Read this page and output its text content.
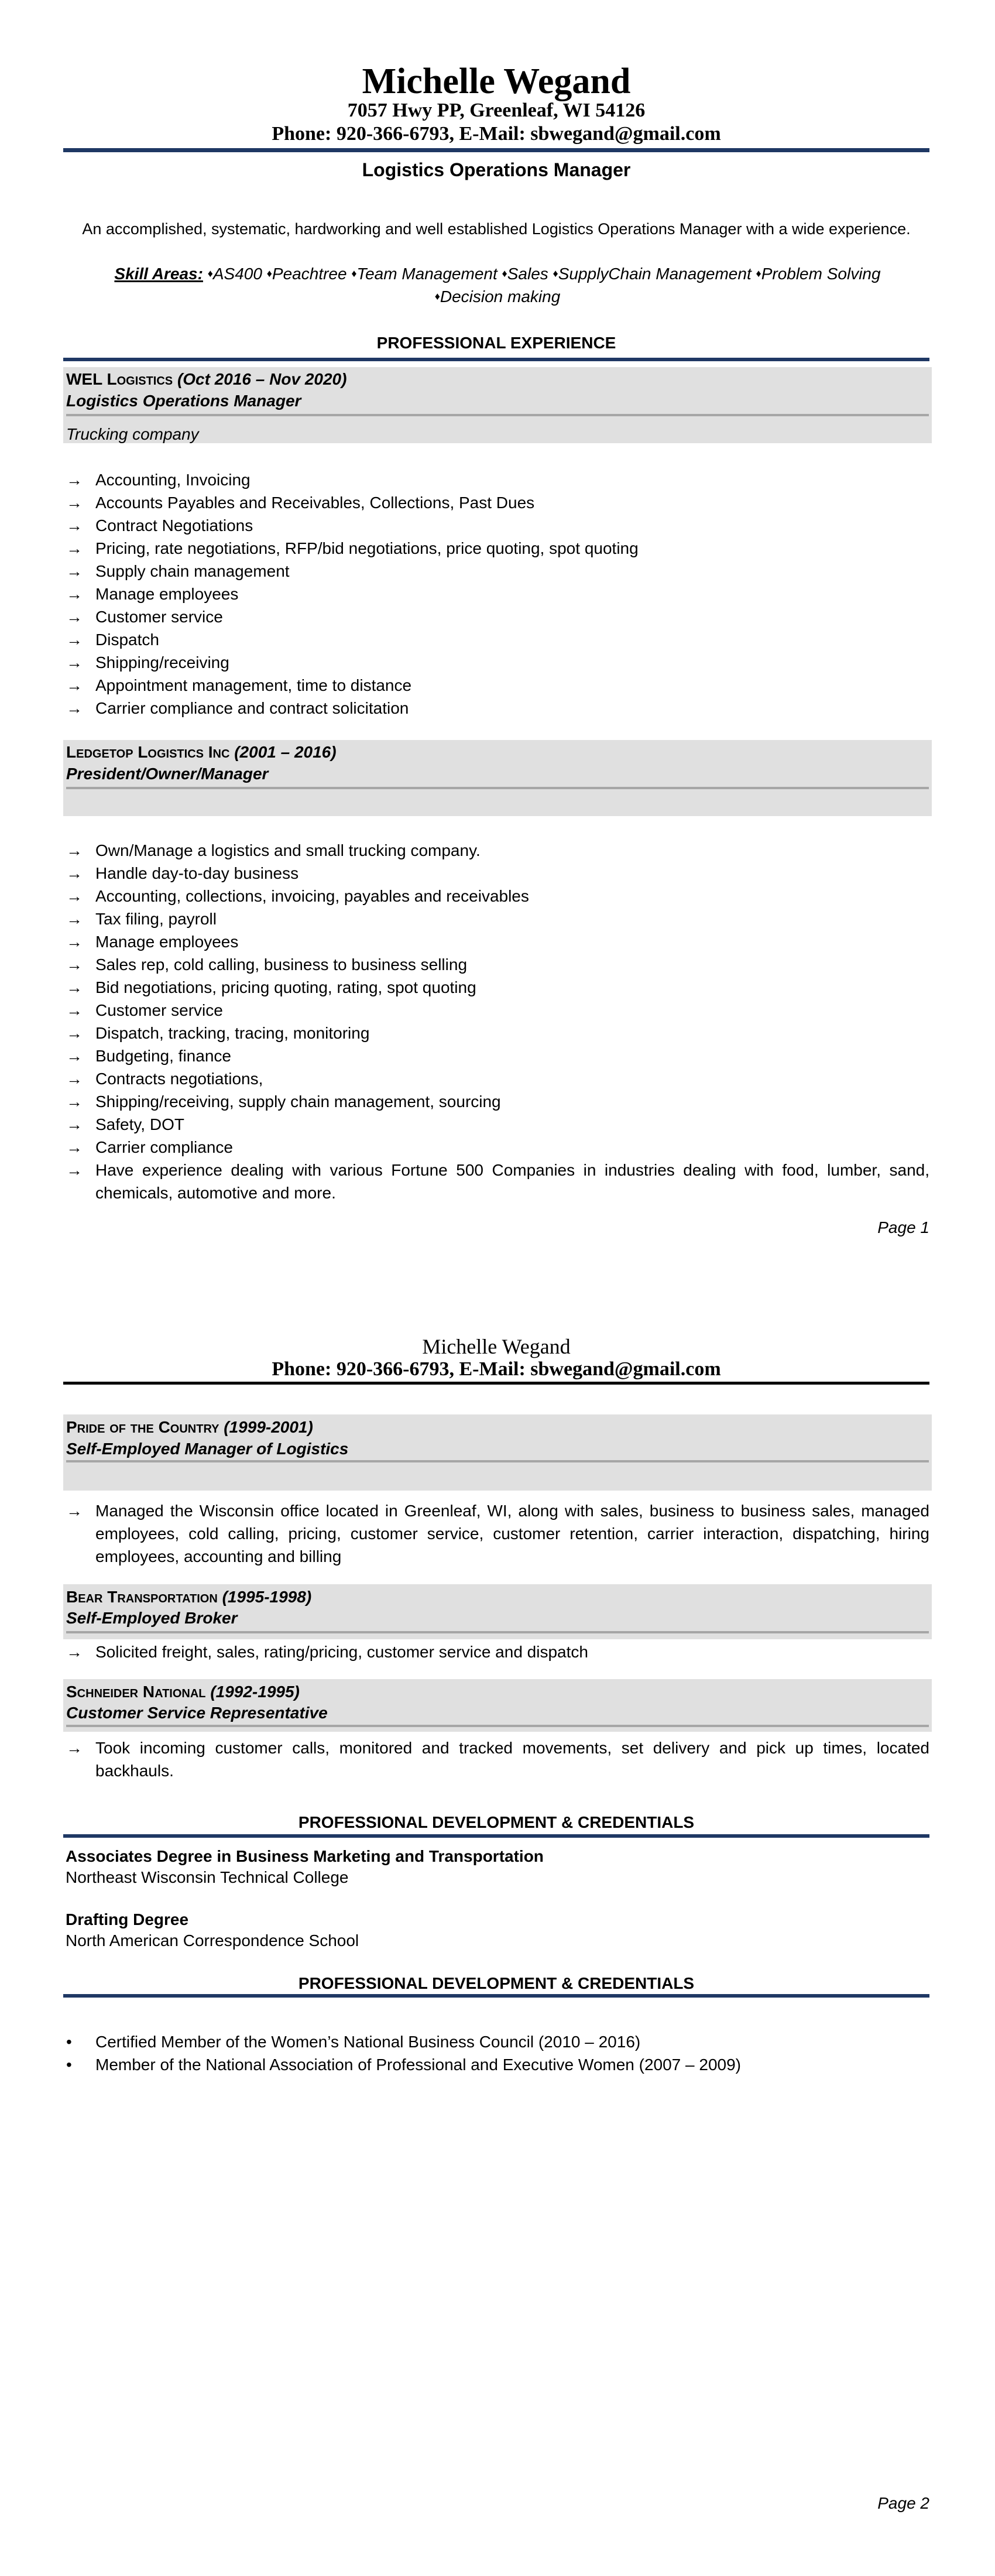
Michelle Wegand
7057 Hwy PP, Greenleaf, WI 54126
Phone: 920-366-6793, E-Mail: sbwegand@gmail.com
Logistics Operations Manager
An accomplished, systematic, hardworking and well established Logistics Operations Manager with a wide experience.
Skill Areas: ♦AS400 ♦Peachtree ♦Team Management ♦Sales ♦SupplyChain Management ♦Problem Solving ♦Decision making
PROFESSIONAL EXPERIENCE
WEL Logistics (Oct 2016 – Nov 2020)
Logistics Operations Manager
Trucking company
→ Accounting, Invoicing
→ Accounts Payables and Receivables, Collections, Past Dues
→ Contract Negotiations
→ Pricing, rate negotiations, RFP/bid negotiations, price quoting, spot quoting
→ Supply chain management
→ Manage employees
→ Customer service
→ Dispatch
→ Shipping/receiving
→ Appointment management, time to distance
→ Carrier compliance and contract solicitation
Ledgetop Logistics Inc (2001 – 2016)
President/Owner/Manager
→ Own/Manage a logistics and small trucking company.
→ Handle day-to-day business
→ Accounting, collections, invoicing, payables and receivables
→ Tax filing, payroll
→ Manage employees
→ Sales rep, cold calling, business to business selling
→ Bid negotiations, pricing quoting, rating, spot quoting
→ Customer service
→ Dispatch, tracking, tracing, monitoring
→ Budgeting, finance
→ Contracts negotiations,
→ Shipping/receiving, supply chain management, sourcing
→ Safety, DOT
→ Carrier compliance
→ Have experience dealing with various Fortune 500 Companies in industries dealing with food, lumber, sand, chemicals, automotive and more.
Page 1
Michelle Wegand
Phone: 920-366-6793, E-Mail: sbwegand@gmail.com
Pride of the Country (1999-2001)
Self-Employed Manager of Logistics
→ Managed the Wisconsin office located in Greenleaf, WI, along with sales, business to business sales, managed employees, cold calling, pricing, customer service, customer retention, carrier interaction, dispatching, hiring employees, accounting and billing
Bear Transportation (1995-1998)
Self-Employed Broker
→ Solicited freight, sales, rating/pricing, customer service and dispatch
Schneider National (1992-1995)
Customer Service Representative
→ Took incoming customer calls, monitored and tracked movements, set delivery and pick up times, located backhauls.
PROFESSIONAL DEVELOPMENT & CREDENTIALS
Associates Degree in Business Marketing and Transportation
Northeast Wisconsin Technical College
Drafting Degree
North American Correspondence School
PROFESSIONAL DEVELOPMENT & CREDENTIALS
• Certified Member of the Women’s National Business Council (2010 – 2016)
• Member of the National Association of Professional and Executive Women (2007 – 2009)
Page 2
